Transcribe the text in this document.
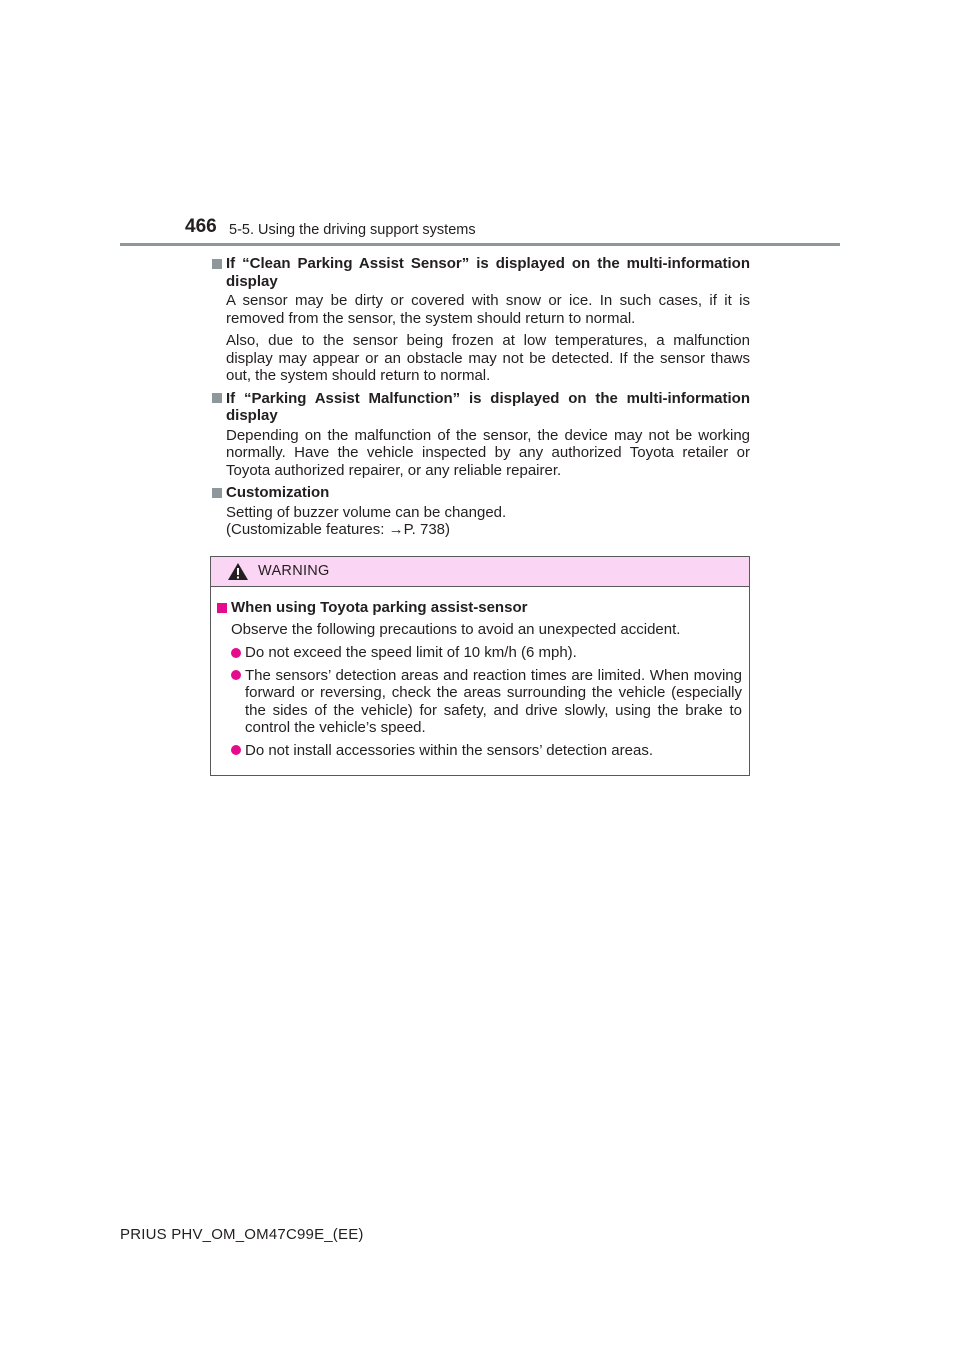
466 5-5. Using the driving support systems
If “Clean Parking Assist Sensor” is displayed on the multi-information display
A sensor may be dirty or covered with snow or ice. In such cases, if it is removed from the sensor, the system should return to normal.
Also, due to the sensor being frozen at low temperatures, a malfunction display may appear or an obstacle may not be detected. If the sensor thaws out, the system should return to normal.
If “Parking Assist Malfunction” is displayed on the multi-information display
Depending on the malfunction of the sensor, the device may not be working normally. Have the vehicle inspected by any authorized Toyota retailer or Toyota authorized repairer, or any reliable repairer.
Customization
Setting of buzzer volume can be changed.
(Customizable features: →P. 738)
WARNING
When using Toyota parking assist-sensor
Observe the following precautions to avoid an unexpected accident.
Do not exceed the speed limit of 10 km/h (6 mph).
The sensors’ detection areas and reaction times are limited. When moving forward or reversing, check the areas surrounding the vehicle (especially the sides of the vehicle) for safety, and drive slowly, using the brake to control the vehicle’s speed.
Do not install accessories within the sensors’ detection areas.
PRIUS PHV_OM_OM47C99E_(EE)
